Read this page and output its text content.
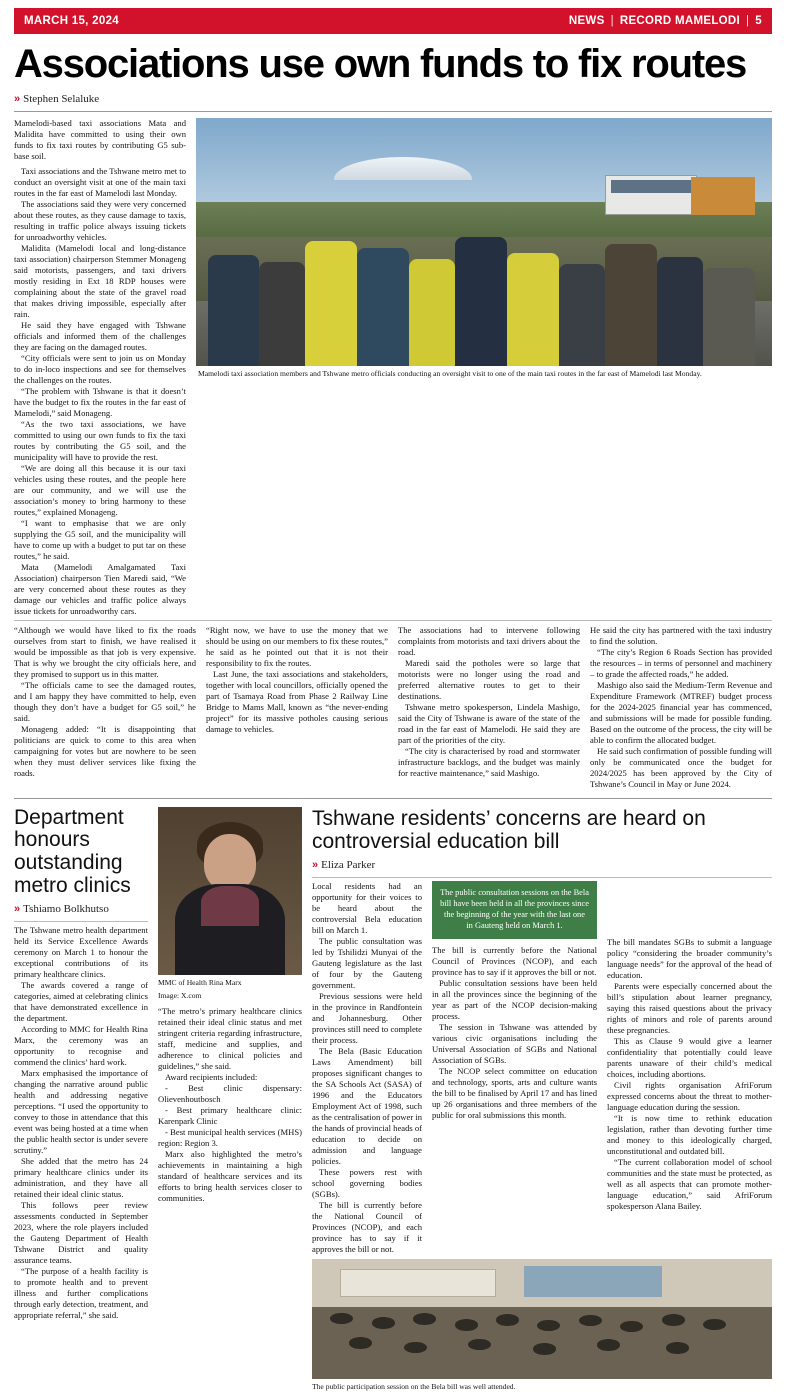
MARCH 15, 2024	NEWS | RECORD MAMELODI | 5
Associations use own funds to fix routes
» Stephen Selaluke

Mamelodi-based taxi associations Mata and Malidita have committed to using their own funds to fix taxi routes by contributing G5 sub-base soil.

Taxi associations and the Tshwane metro met to conduct an oversight visit at one of the main taxi routes in the far east of Mamelodi last Monday.

The associations said they were very concerned about these routes, as they cause damage to taxis, resulting in traffic police always issuing tickets for unroadworthy vehicles.

Malidita (Mamelodi local and long-distance taxi association) chairperson Stemmer Monageng said motorists, passengers, and taxi drivers mostly residing in Ext 18 RDP houses were complaining about the state of the gravel road that makes driving impossible, especially after rain.

He said they have engaged with Tshwane officials and informed them of the challenges they are facing on the damaged routes.

“City officials were sent to join us on Monday to do in-loco inspections and see for themselves the challenges on the routes.

“The problem with Tshwane is that it doesn’t have the budget to fix the routes in the far east of Mamelodi,” said Monageng.

“As the two taxi associations, we have committed to using our own funds to fix the taxi routes by contributing the G5 soil, and the municipality will have to provide the rest.

“We are doing all this because it is our taxi vehicles using these routes, and the people here are our community, and we will use the association’s money to bring harmony to these routes,” explained Monageng.

“I want to emphasise that we are only supplying the G5 soil, and the municipality will have to come up with a budget to put tar on these routes,” he said.

Mata (Mamelodi Amalgamated Taxi Association) chairperson Tien Maredi said, “We are very concerned about these routes as they damage our vehicles and traffic police always issue tickets for unroadworthy cars.

Mamelodi taxi association members and Tshwane metro officials conducting an oversight visit to one of the main taxi routes in the far east of Mamelodi last Monday.

“Although we would have liked to fix the roads ourselves from start to finish, we have realised it would be impossible as that job is very expensive. That is why we brought the city officials here, and they promised to support us in this matter.

“The officials came to see the damaged routes, and I am happy they have committed to help, even though they don’t have a budget for G5 soil,” he said.

Monageng added: “It is disappointing that politicians are quick to come to this area when campaigning for votes but are nowhere to be seen when they must deliver services like fixing the roads.

“Right now, we have to use the money that we should be using on our members to fix these routes,” he said as he pointed out that it is not their responsibility to fix the routes.

Last June, the taxi associations and stakeholders, together with local councillors, officially opened the part of Tsamaya Road from Phase 2 Railway Line Bridge to Mams Mall, known as “the never-ending project” for its massive potholes causing serious damage to vehicles.

The associations had to intervene following complaints from motorists and taxi drivers about the road.

Maredi said the potholes were so large that motorists were no longer using the road and preferred alternative routes to get to their destinations.

Tshwane metro spokesperson, Lindela Mashigo, said the City of Tshwane is aware of the state of the road in the far east of Mamelodi. He said they are part of the priorities of the city.

“The city is characterised by road and stormwater infrastructure backlogs, and the budget was mainly for reactive maintenance,” said Mashigo.

He said the city has partnered with the taxi industry to find the solution.

“The city’s Region 6 Roads Section has provided the resources – in terms of personnel and machinery – to grade the affected roads,” he added.

Mashigo also said the Medium-Term Revenue and Expenditure Framework (MTREF) budget process for the 2024-2025 financial year has commenced, and submissions will be made for possible funding. Based on the outcome of the process, the city will be able to confirm the allocated budget.

He said such confirmation of possible funding will only be communicated once the budget for 2024/2025 has been approved by the City of Tshwane’s Council in May or June 2024.

Department honours outstanding metro clinics
» Tshiamo Bolkhutso

The Tshwane metro health department held its Service Excellence Awards ceremony on March 1 to honour the exceptional contributions of its primary healthcare clinics.

The awards covered a range of categories, aimed at celebrating clinics that have demonstrated excellence in the department.

According to MMC for Health Rina Marx, the ceremony was an opportunity to recognise and commend the clinics’ hard work.

Marx emphasised the importance of changing the narrative around public health and addressing negative perceptions. “I used the opportunity to convey to those in attendance that this event was being hosted at a time when the public health sector is under severe scrutiny.”

She added that the metro has 24 primary healthcare clinics under its administration, and they have all retained their ideal clinic status.

This follows peer review assessments conducted in September 2023, where the role players included the Gauteng Department of Health Tshwane District and quality assurance teams.

“The purpose of a health facility is to promote health and to prevent illness and further complications through early detection, treatment, and appropriate referral,” she said.

MMC of Health Rina Marx
Image: X.com

“The metro’s primary healthcare clinics retained their ideal clinic status and met stringent criteria regarding infrastructure, staff, medicine and supplies, and adherence to clinical policies and guidelines,” she said.

Award recipients included:

- Best clinic dispensary: Olievenhoutbosch

- Best primary healthcare clinic: Karenpark Clinic

- Best municipal health services (MHS) region: Region 3.

Marx also highlighted the metro’s achievements in maintaining a high standard of healthcare services and its efforts to bring health services closer to communities.

Tshwane residents’ concerns are heard on controversial education bill
» Eliza Parker

Local residents had an opportunity for their voices to be heard about the controversial Bela education bill on March 1.

The public consultation was led by Tshilidzi Munyai of the Gauteng legislature as the last of four by the Gauteng government.

Previous sessions were held in the province in Randfontein and Johannesburg. Other provinces still need to complete their process.

The Bela (Basic Education Laws Amendment) bill proposes significant changes to the SA Schools Act (SASA) of 1996 and the Educators Employment Act of 1998, such as the centralisation of power in the hands of provincial heads of education to decide on admission and language policies.

These powers rest with school governing bodies (SGBs).

The bill is currently before the National Council of Provinces (NCOP), and each province has to say if it approves the bill or not.

The public consultation sessions on the Bela bill have been held in all the provinces since the beginning of the year with the last one in Gauteng held on March 1.

The bill is currently before the National Council of Provinces (NCOP), and each province has to say if it approves the bill or not.

Public consultation sessions have been held in all the provinces since the beginning of the year as part of the NCOP decision-making process.

The session in Tshwane was attended by various civic organisations including the Universal Association of SGBs and National Association of SGBs.

The NCOP select committee on education and technology, sports, arts and culture wants the bill to be finalised by April 17 and has lined up 26 organisations and three members of the public for oral submissions this month.

The bill mandates SGBs to submit a language policy “considering the broader community’s language needs” for the approval of the head of education.

Parents were especially concerned about the bill’s stipulation about learner pregnancy, saying this raised questions about the privacy rights of minors and role of parents around these pregnancies.

This as Clause 9 would give a learner confidentiality that potentially could leave parents unaware of their child’s medical choices, including abortions.

Civil rights organisation AfriForum expressed concerns about the threat to mother-language education during the session.

“It is now time to rethink education legislation, rather than devoting further time and money to this ideologically charged, unconstitutional and outdated bill.

“The current collaboration model of school communities and the state must be protected, as well as all aspects that can promote mother-language education,” said AfriForum spokesperson Alana Bailey.

The public participation session on the Bela bill was well attended.
